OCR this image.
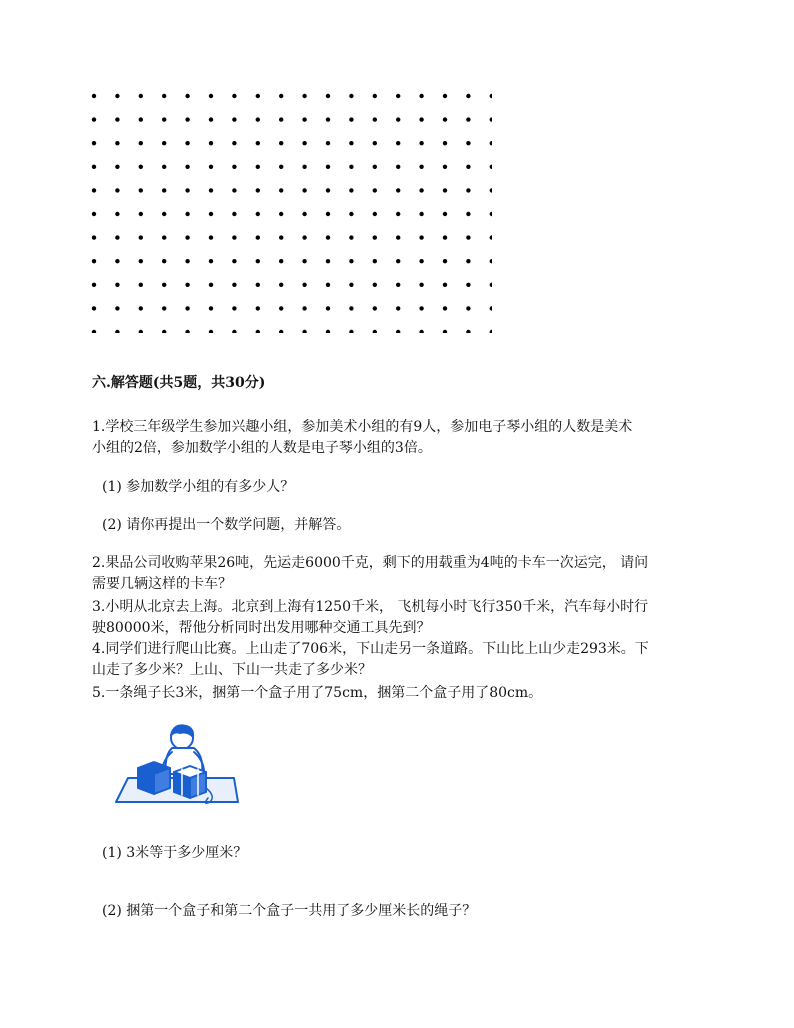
六.解答题(共5题，共30分)
1.学校三年级学生参加兴趣小组，参加美术小组的有9人，参加电子琴小组的人数是美术
小组的2倍，参加数学小组的人数是电子琴小组的3倍。
(1) 参加数学小组的有多少人？
(2) 请你再提出一个数学问题，并解答。
2.果品公司收购苹果26吨，先运走6000千克，剩下的用载重为4吨的卡车一次运完， 请问
需要几辆这样的卡车？
3.小明从北京去上海。北京到上海有1250千米， 飞机每小时飞行350千米，汽车每小时行
驶80000米，帮他分析同时出发用哪种交通工具先到？
4.同学们进行爬山比赛。上山走了706米，下山走另一条道路。下山比上山少走293米。下
山走了多少米？上山、下山一共走了多少米？
5.一条绳子长3米，捆第一个盒子用了75cm，捆第二个盒子用了80cm。
(1) 3米等于多少厘米？
(2) 捆第一个盒子和第二个盒子一共用了多少厘米长的绳子？
